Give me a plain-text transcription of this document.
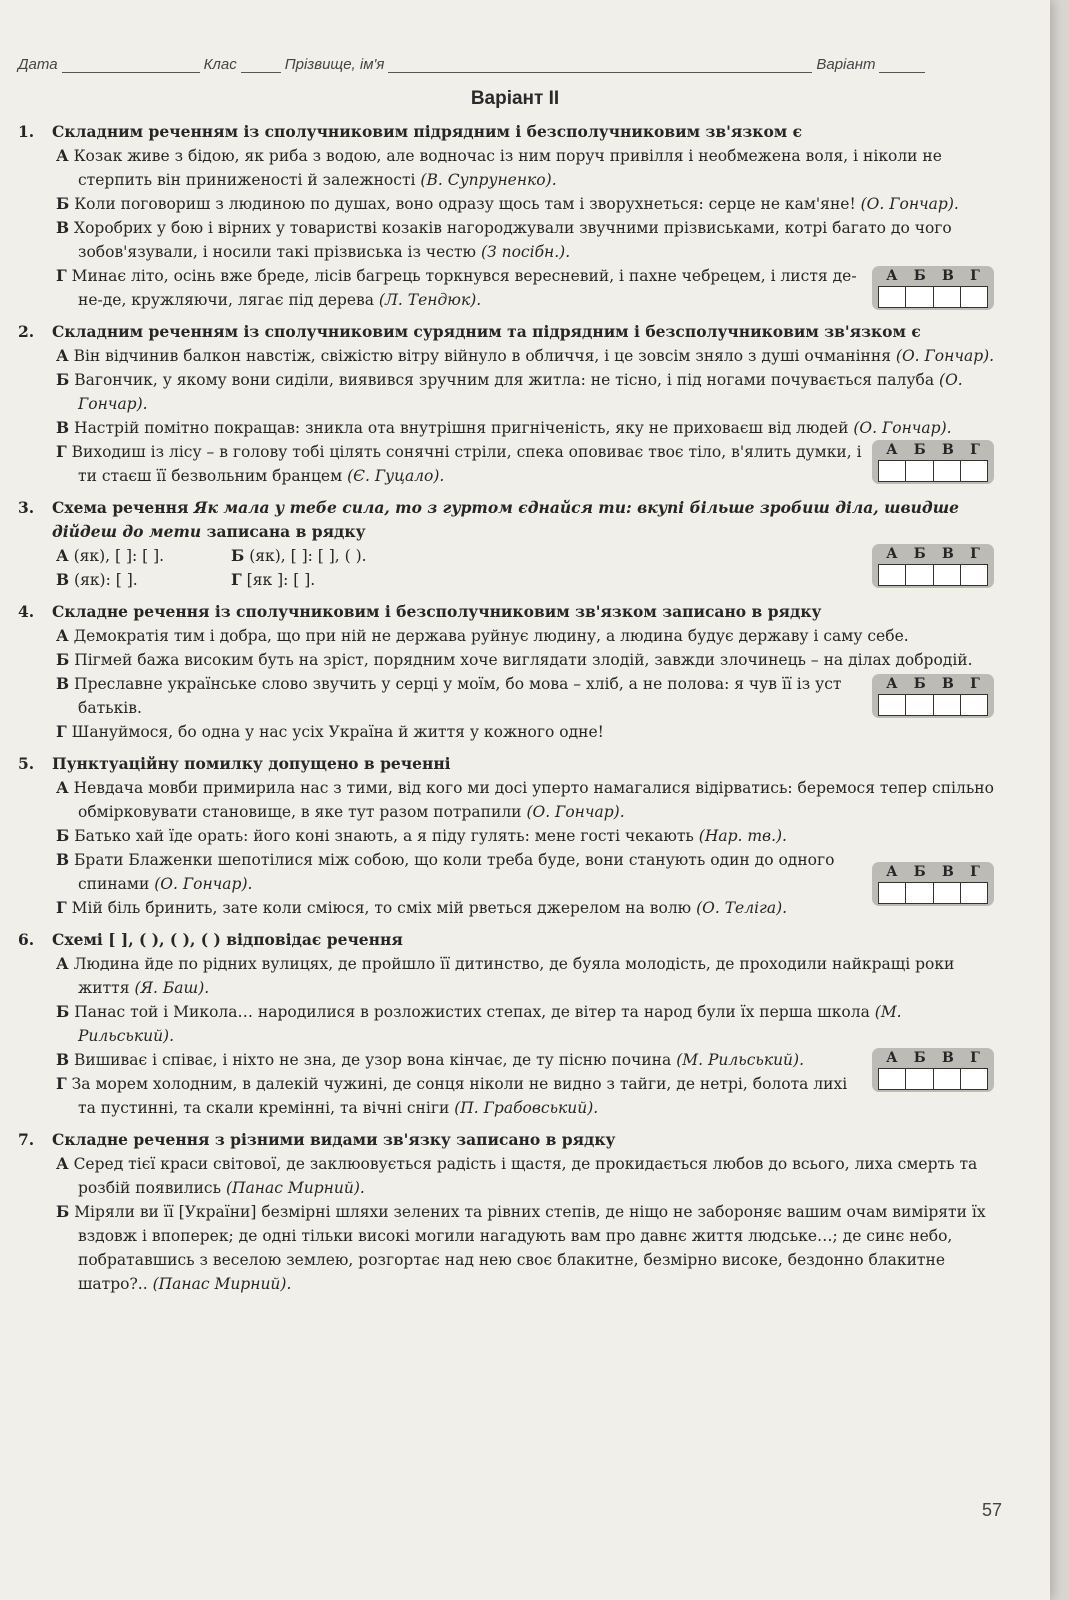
Дата	Клас	Прізвище, ім'я	Варіант
Варіант ІІ
1. Складним реченням із сполучниковим підрядним і безсполучниковим зв'язком є
А Козак живе з бідою, як риба з водою, але водночас із ним поруч привілля і необмежена воля, і ніколи не стерпить він приниженості й залежності (В. Супруненко).
Б Коли поговориш з людиною по душах, воно одразу щось там і зворухнеться: серце не кам'яне! (О. Гончар).
В Хоробрих у бою і вірних у товаристві козаків нагороджували звучними прізвиськами, котрі багато до чого зобов'язували, і носили такі прізвиська із честю (З посібн.).
Г Минає літо, осінь вже бреде, лісів багрець торкнувся вересневий, і пахне чебрецем, і листя де-не-де, кружляючи, лягає під дерева (Л. Тендюк).
А Б В Г
2. Складним реченням із сполучниковим сурядним та підрядним і безсполучниковим зв'язком є
А Він відчинив балкон навстіж, свіжістю вітру війнуло в обличчя, і це зовсім зняло з душі очманіння (О. Гончар).
Б Вагончик, у якому вони сиділи, виявився зручним для житла: не тісно, і під ногами почувається палуба (О. Гончар).
В Настрій помітно покращав: зникла ота внутрішня пригніченість, яку не приховаєш від людей (О. Гончар).
Г Виходиш із лісу – в голову тобі цілять сонячні стріли, спека оповиває твоє тіло, в'ялить думки, і ти стаєш її безвольним бранцем (Є. Гуцало).
А Б В Г
3. Схема речення Як мала у тебе сила, то з гуртом єднайся ти: вкупі більше зробиш діла, швидше дійдеш до мети записана в рядку
А (як), [ ]: [ ].	Б (як), [ ]: [ ], ( ).
В (як): [ ].	Г [як ]: [ ].
А Б В Г
4. Складне речення із сполучниковим і безсполучниковим зв'язком записано в рядку
А Демократія тим і добра, що при ній не держава руйнує людину, а людина будує державу і саму себе.
Б Пігмей бажа високим буть на зріст, порядним хоче виглядати злодій, завжди злочинець – на ділах добродій.
В Преславне українське слово звучить у серці у моїм, бо мова – хліб, а не полова: я чув її із уст батьків.
Г Шануймося, бо одна у нас усіх Україна й життя у кожного одне!
А Б В Г
5. Пунктуаційну помилку допущено в реченні
А Невдача мовби примирила нас з тими, від кого ми досі уперто намагалися відірватись: беремося тепер спільно обмірковувати становище, в яке тут разом потрапили (О. Гончар).
Б Батько хай їде орать: його коні знають, а я піду гулять: мене гості чекають (Нар. тв.).
В Брати Блаженки шепотілися між собою, що коли треба буде, вони станують один до одного спинами (О. Гончар).
Г Мій біль бринить, зате коли сміюся, то сміх мій рветься джерелом на волю (О. Теліга).
А Б В Г
6. Схемі [ ], ( ), ( ), ( ) відповідає речення
А Людина йде по рідних вулицях, де пройшло її дитинство, де буяла молодість, де проходили найкращі роки життя (Я. Баш).
Б Панас той і Микола… народилися в розложистих степах, де вітер та народ були їх перша школа (М. Рильський).
В Вишиває і співає, і ніхто не зна, де узор вона кінчає, де ту пісню почина (М. Рильський).
Г За морем холодним, в далекій чужині, де сонця ніколи не видно з тайги, де нетрі, болота лихі та пустинні, та скали кремінні, та вічні сніги (П. Грабовський).
А Б В Г
7. Складне речення з різними видами зв'язку записано в рядку
А Серед тієї краси світової, де заклюовується радість і щастя, де прокидається любов до всього, лиха смерть та розбій появились (Панас Мирний).
Б Міряли ви її [України] безмірні шляхи зелених та рівних степів, де ніщо не забороняє вашим очам виміряти їх вздовж і впоперек; де одні тільки високі могили нагадують вам про давнє життя людське…; де синє небо, побратавшись з веселою землею, розгортає над нею своє блакитне, безмірно високе, бездонно блакитне шатро?.. (Панас Мирний).
57
